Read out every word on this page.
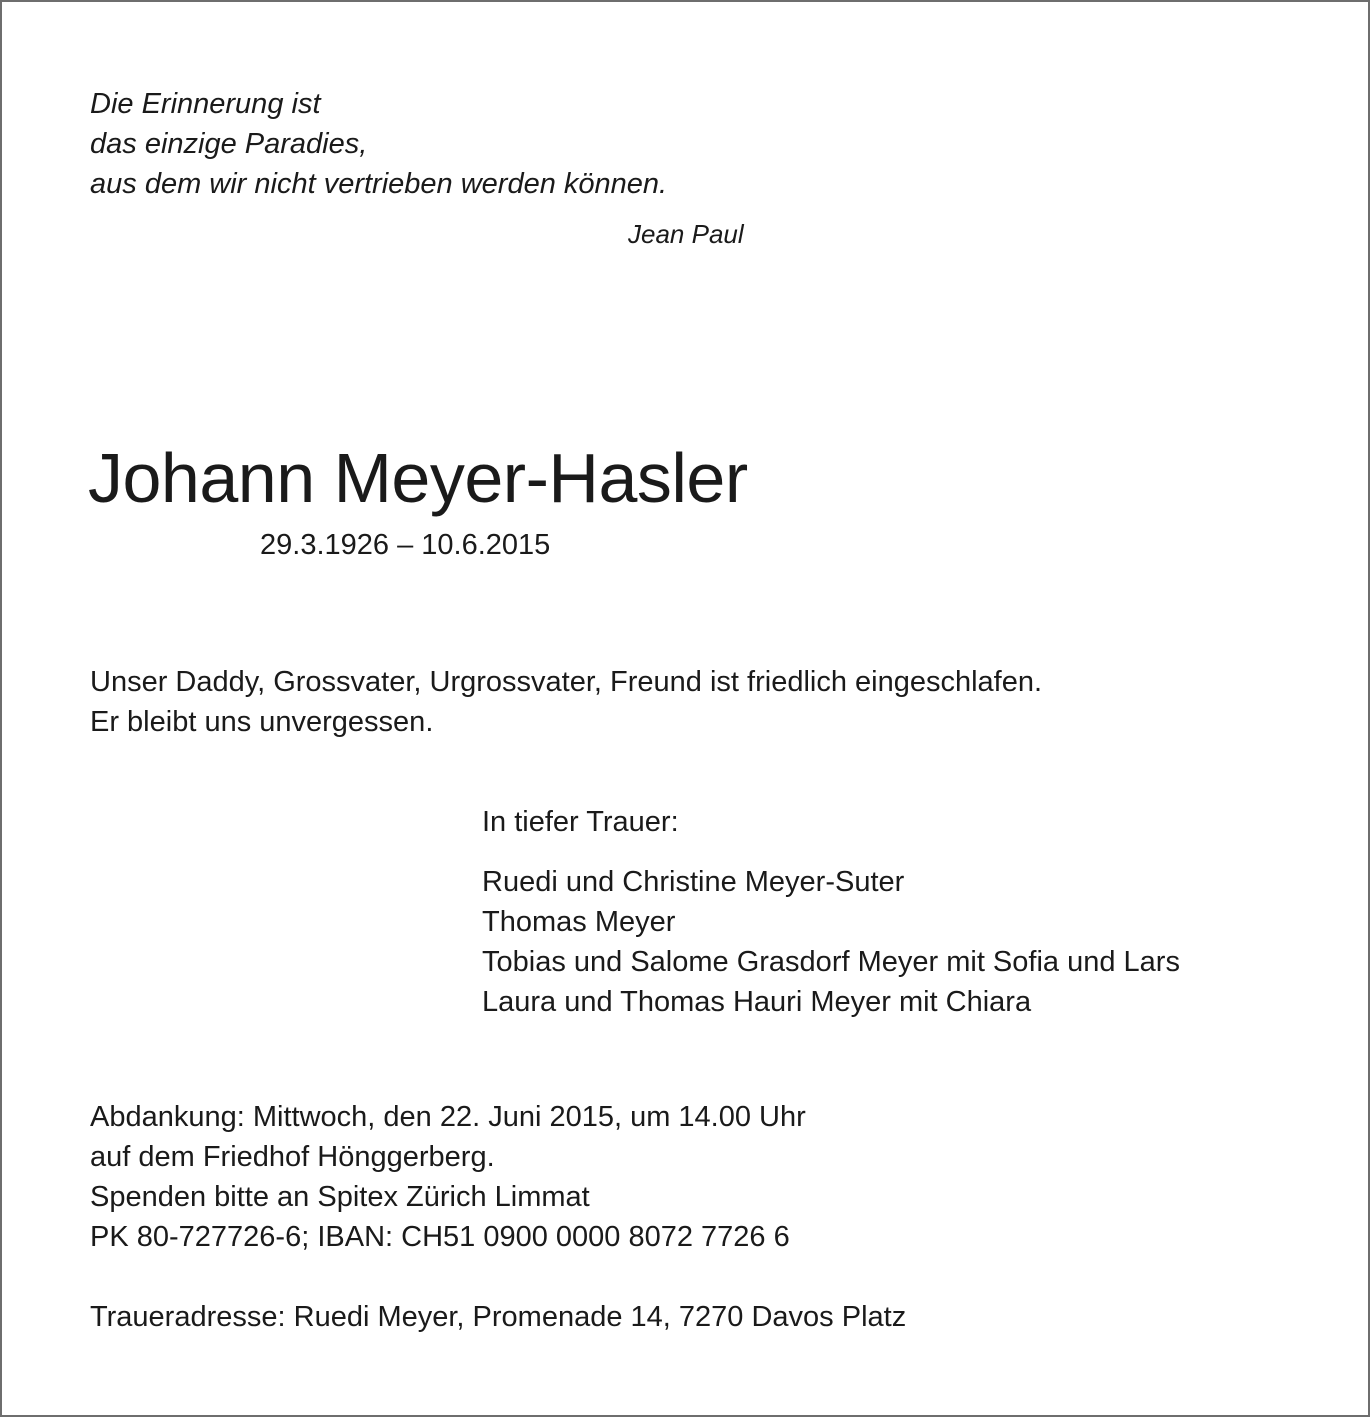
Die Erinnerung ist
das einzige Paradies,
aus dem wir nicht vertrieben werden können.
Jean Paul
Johann Meyer-Hasler
29.3.1926 – 10.6.2015
Unser Daddy, Grossvater, Urgrossvater, Freund ist friedlich eingeschlafen.
Er bleibt uns unvergessen.
In tiefer Trauer:
Ruedi und Christine Meyer-Suter
Thomas Meyer
Tobias und Salome Grasdorf Meyer mit Sofia und Lars
Laura und Thomas Hauri Meyer mit Chiara
Abdankung: Mittwoch, den 22. Juni 2015, um 14.00 Uhr
auf dem Friedhof Hönggerberg.
Spenden bitte an Spitex Zürich Limmat
PK 80-727726-6; IBAN: CH51 0900 0000 8072 7726 6
Traueradresse: Ruedi Meyer, Promenade 14, 7270 Davos Platz
